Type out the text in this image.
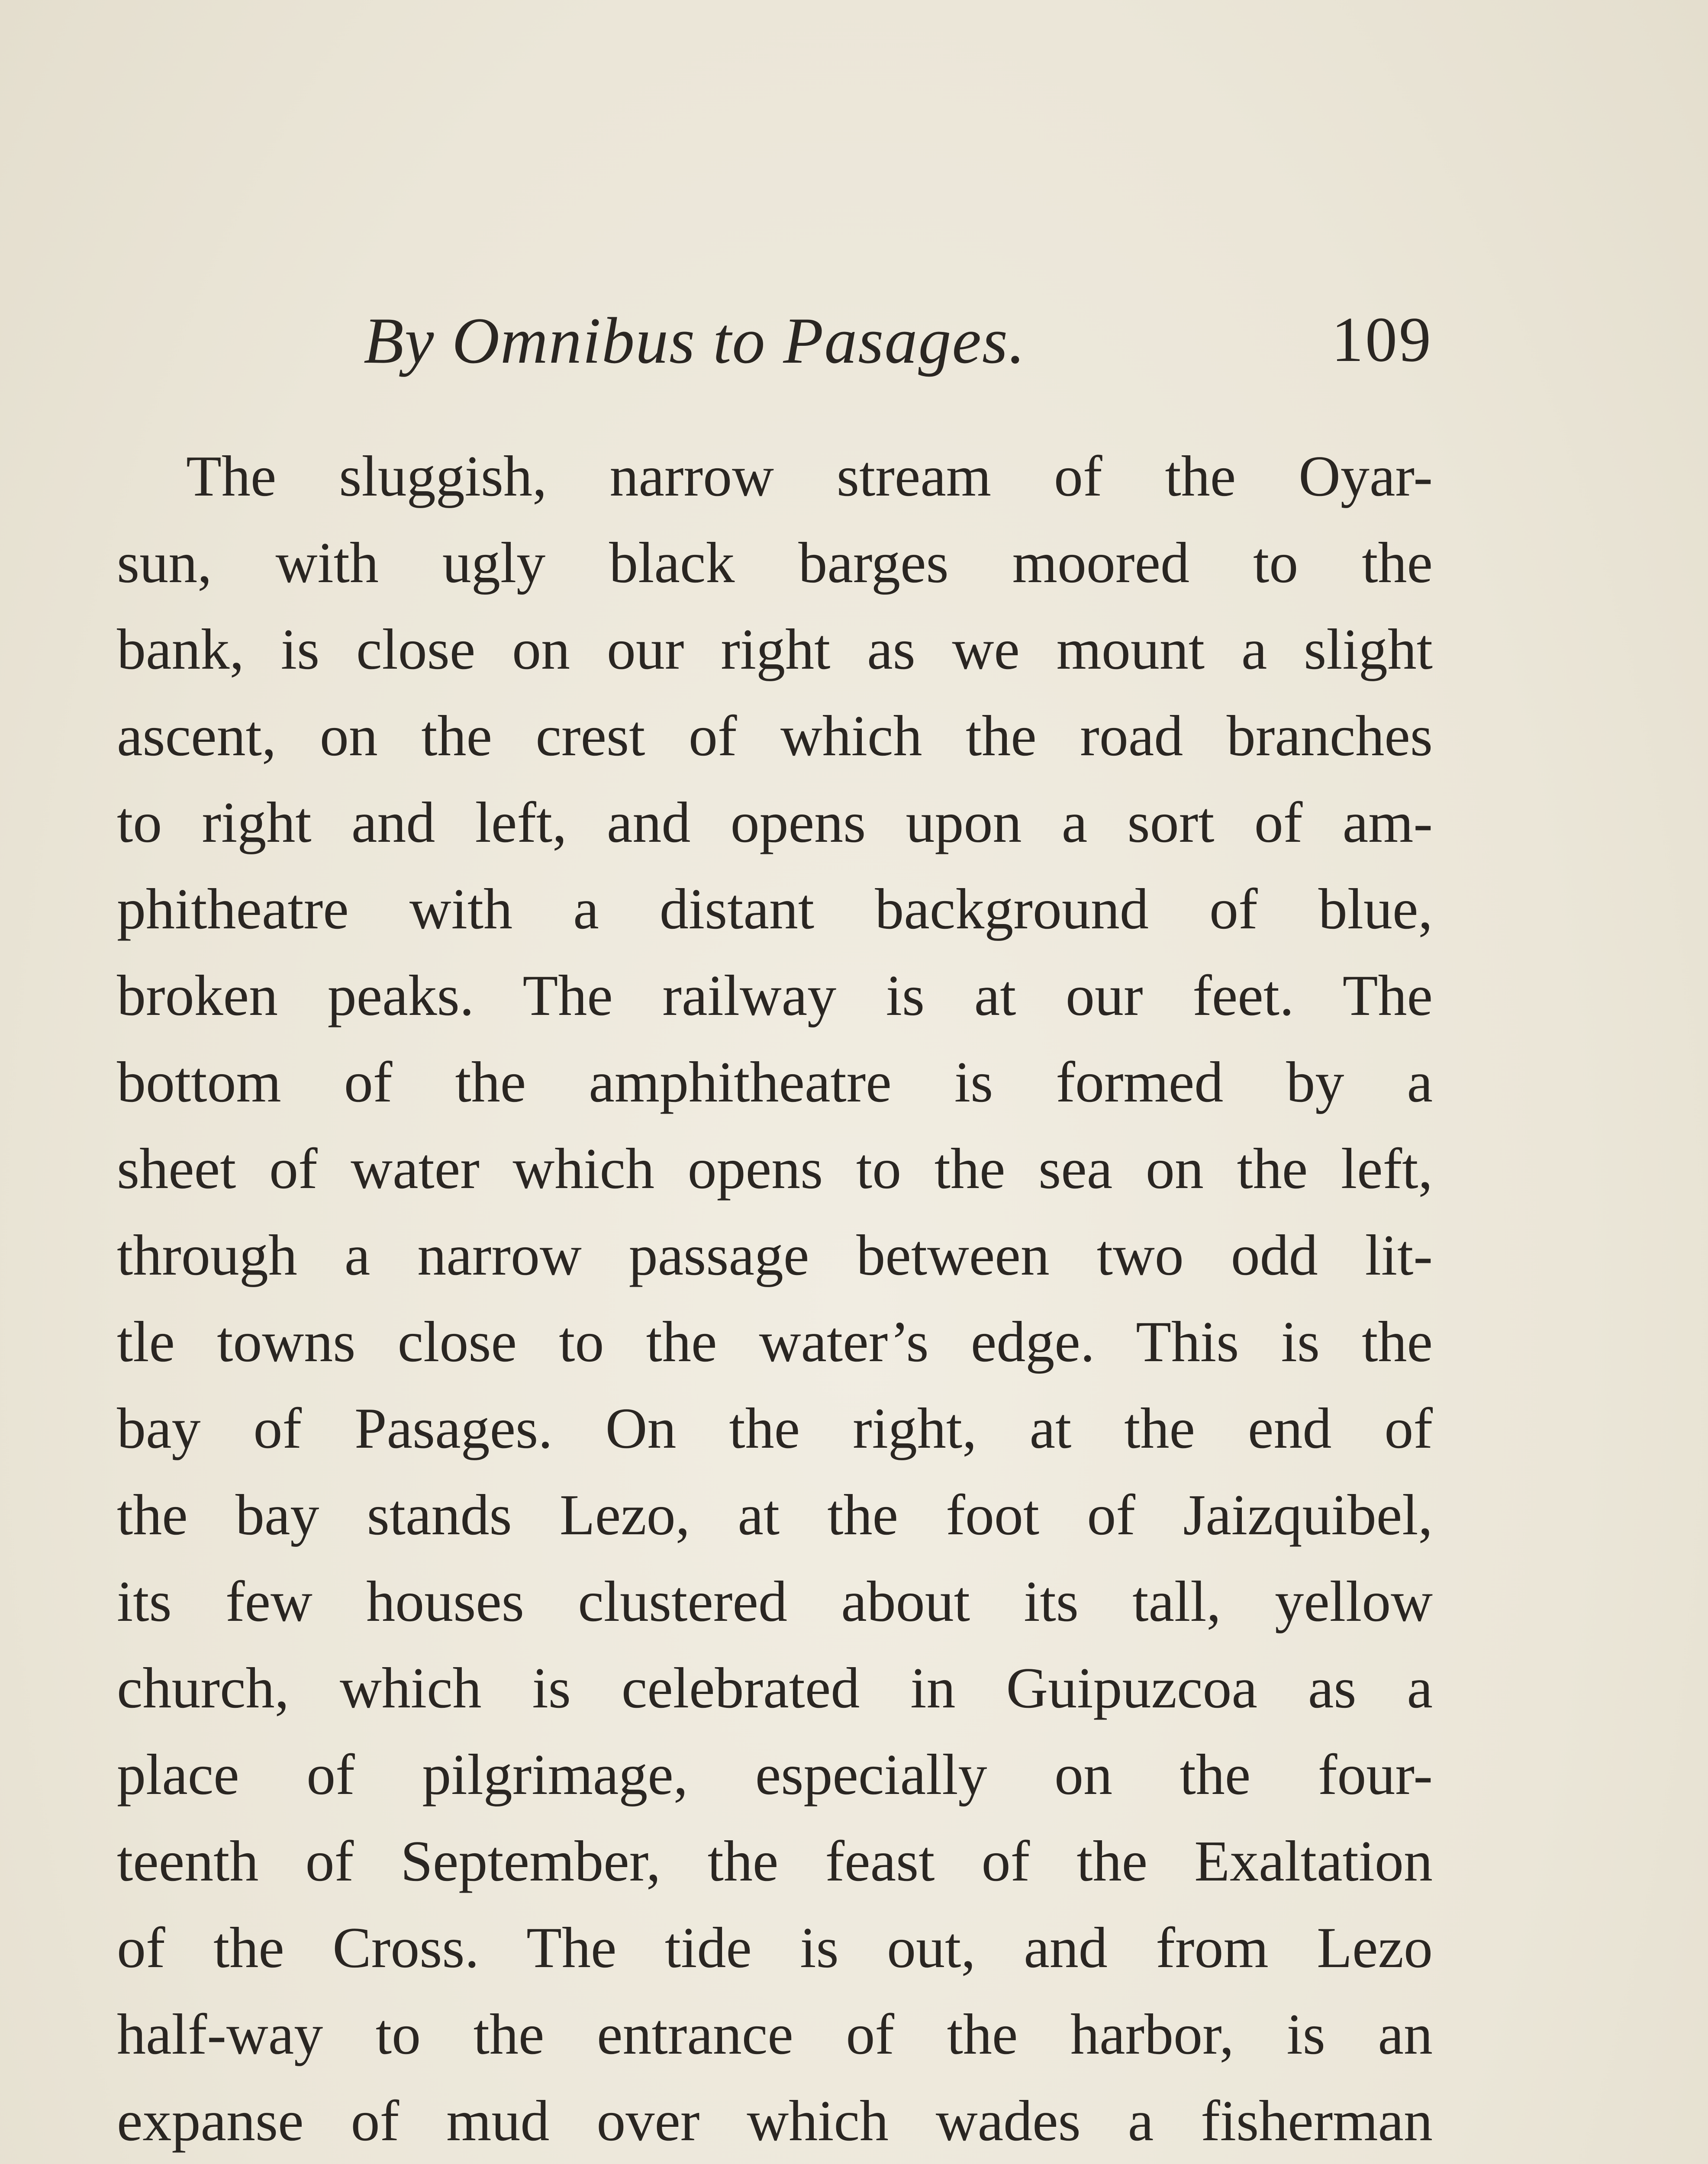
By Omnibus to Pasages.	109
The sluggish, narrow stream of the Oyar-
sun, with ugly black barges moored to the
bank, is close on our right as we mount a slight
ascent, on the crest of which the road branches
to right and left, and opens upon a sort of am-
phitheatre with a distant background of blue,
broken peaks. The railway is at our feet. The
bottom of the amphitheatre is formed by a
sheet of water which opens to the sea on the left,
through a narrow passage between two odd lit-
tle towns close to the water’s edge. This is the
bay of Pasages. On the right, at the end of
the bay stands Lezo, at the foot of Jaizquibel,
its few houses clustered about its tall, yellow
church, which is celebrated in Guipuzcoa as a
place of pilgrimage, especially on the four-
teenth of September, the feast of the Exaltation
of the Cross. The tide is out, and from Lezo
half-way to the entrance of the harbor, is an
expanse of mud over which wades a fisherman
